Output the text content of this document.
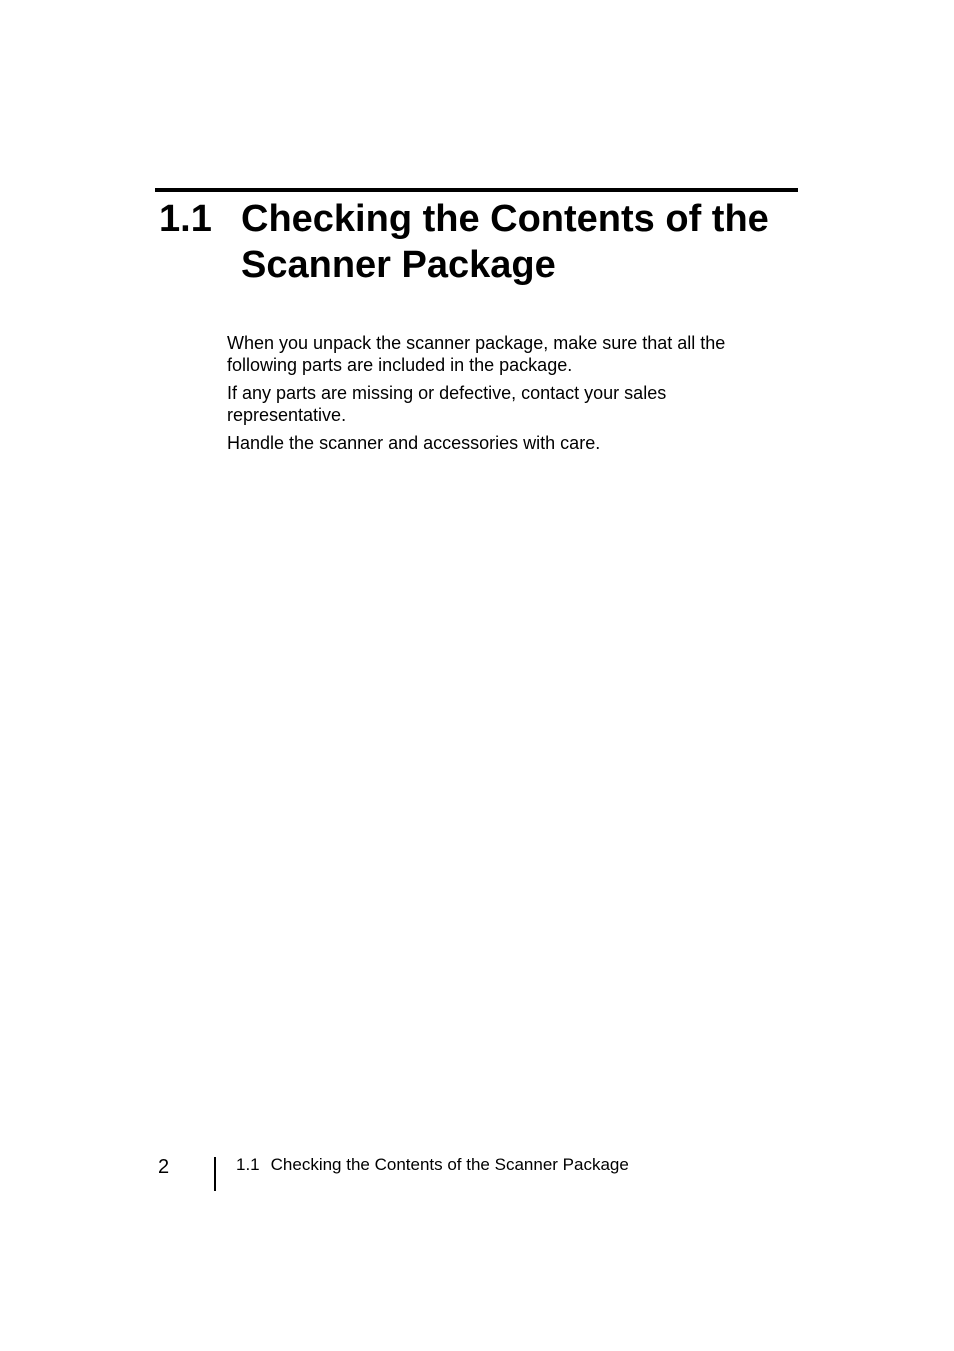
1.1 Checking the Contents of the Scanner Package

When you unpack the scanner package, make sure that all the following parts are included in the package.

If any parts are missing or defective, contact your sales representative.

Handle the scanner and accessories with care.

2	1.1 Checking the Contents of the Scanner Package
